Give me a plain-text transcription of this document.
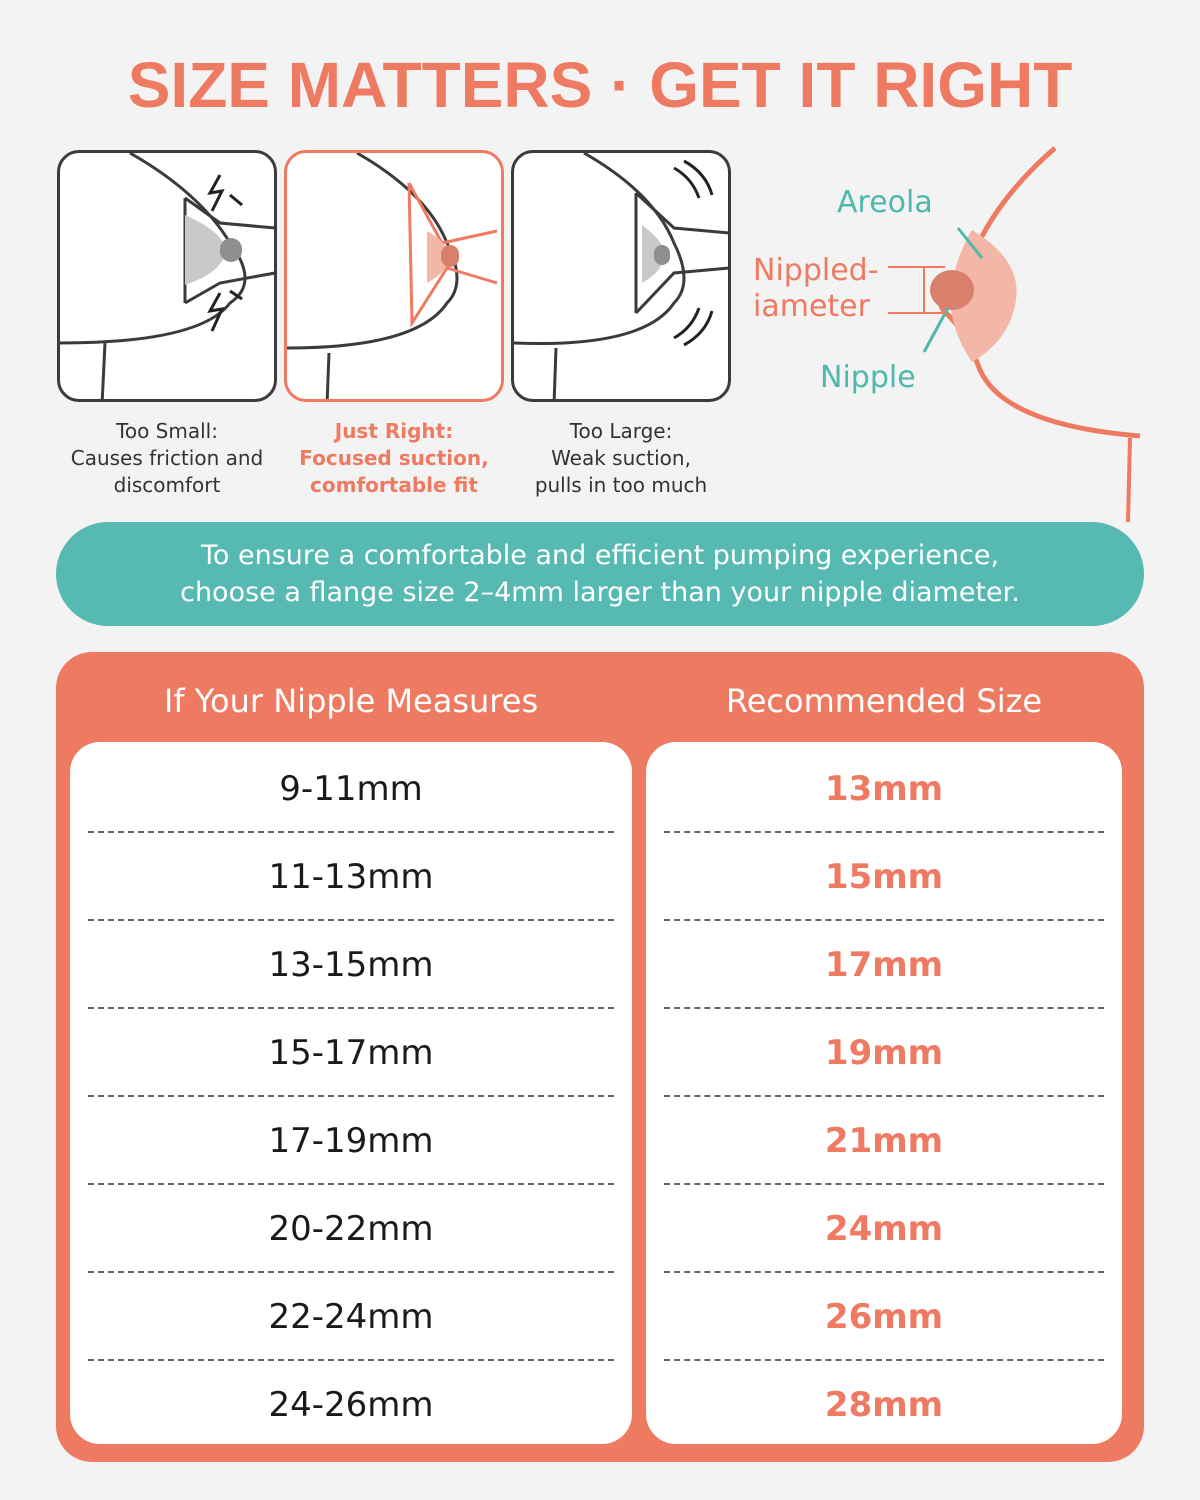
SIZE MATTERS · GET IT RIGHT
Too Small:
Causes friction and
discomfort
Just Right:
Focused suction,
comfortable fit
Too Large:
Weak suction,
pulls in too much
Areola
Nippled-
iameter
Nipple
To ensure a comfortable and efficient pumping experience,
choose a flange size 2–4mm larger than your nipple diameter.
If Your Nipple Measures	Recommended Size
9-11mm
11-13mm
13-15mm
15-17mm
17-19mm
20-22mm
22-24mm
24-26mm
13mm
15mm
17mm
19mm
21mm
24mm
26mm
28mm
